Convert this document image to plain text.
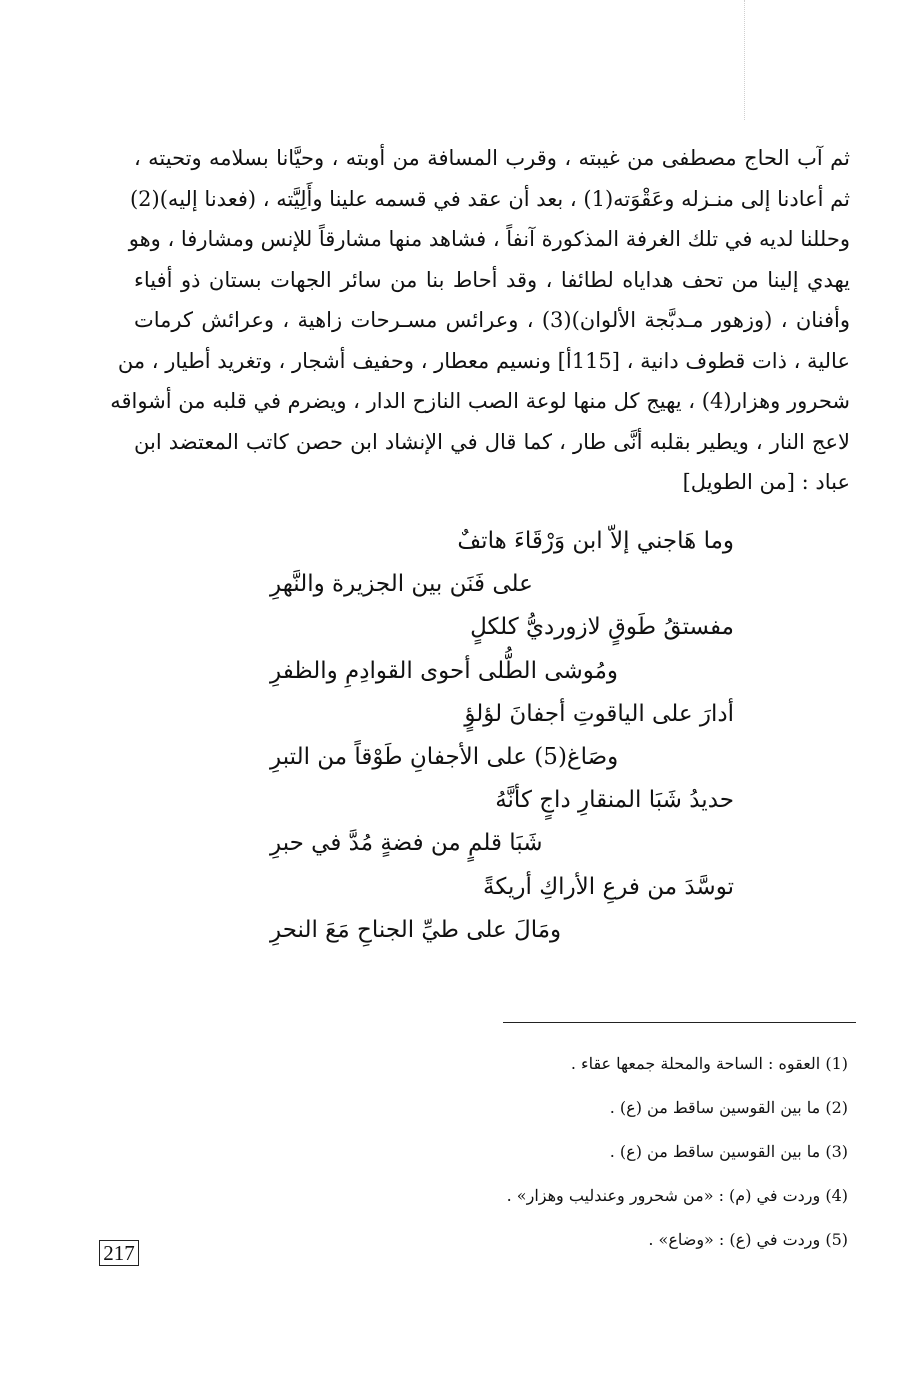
ثم آب الحاج مصطفى من غيبته ، وقرب المسافة من أوبته ، وحيَّانا بسلامه وتحيته ،
ثم أعادنا إلى منـزله وعَقْوَته(1) ، بعد أن عقد في قسمه علينا وأَلِيَّته ، (فعدنا إليه)(2)
وحللنا لديه في تلك الغرفة المذكورة آنفاً ، فشاهد منها مشارقاً للإنس ومشارفا ، وهو
يهدي إلينا من تحف هداياه لطائفا ، وقد أحاط بنا من سائر الجهات بستان ذو أفياء
وأفنان ، (وزهور مـدبَّجة الألوان)(3) ، وعرائس مسـرحات زاهية ، وعرائش كرمات
عالية ، ذات قطوف دانية ، [115أ] ونسيم معطار ، وحفيف أشجار ، وتغريد أطيار ، من
شحرور وهزار(4) ، يهيج كل منها لوعة الصب النازح الدار ، ويضرم في قلبه من أشواقه
لاعج النار ، ويطير بقلبه أنَّى طار ، كما قال في الإنشاد ابن حصن كاتب المعتضد ابن
عباد : [من الطويل]
وما هَاجني إلاّ ابن وَرْقَاءَ هاتفٌ
على فَنَن بين الجزيرة والنَّهرِ
مفستقُ طَوقٍ لازورديُّ كلكلٍ
ومُوشى الطُّلى أحوى القوادِمِ والظفرِ
أدارَ على الياقوتِ أجفانَ لؤلؤٍ
وصَاغ(5) على الأجفانِ طَوْقاً من التبرِ
حديدُ شَبَا المنقارِ داجٍ كأنَّهُ
شَبَا قلمٍ من فضةٍ مُدَّ في حبرِ
توسَّدَ من فرعِ الأراكِ أريكةً
ومَالَ على طيِّ الجناحِ مَعَ النحرِ
(1) العقوه : الساحة والمحلة جمعها عقاء .
(2) ما بين القوسين ساقط من (ع) .
(3) ما بين القوسين ساقط من (ع) .
(4) وردت في (م) : «من شحرور وعندليب وهزار» .
(5) وردت في (ع) : «وضاع» .
217
